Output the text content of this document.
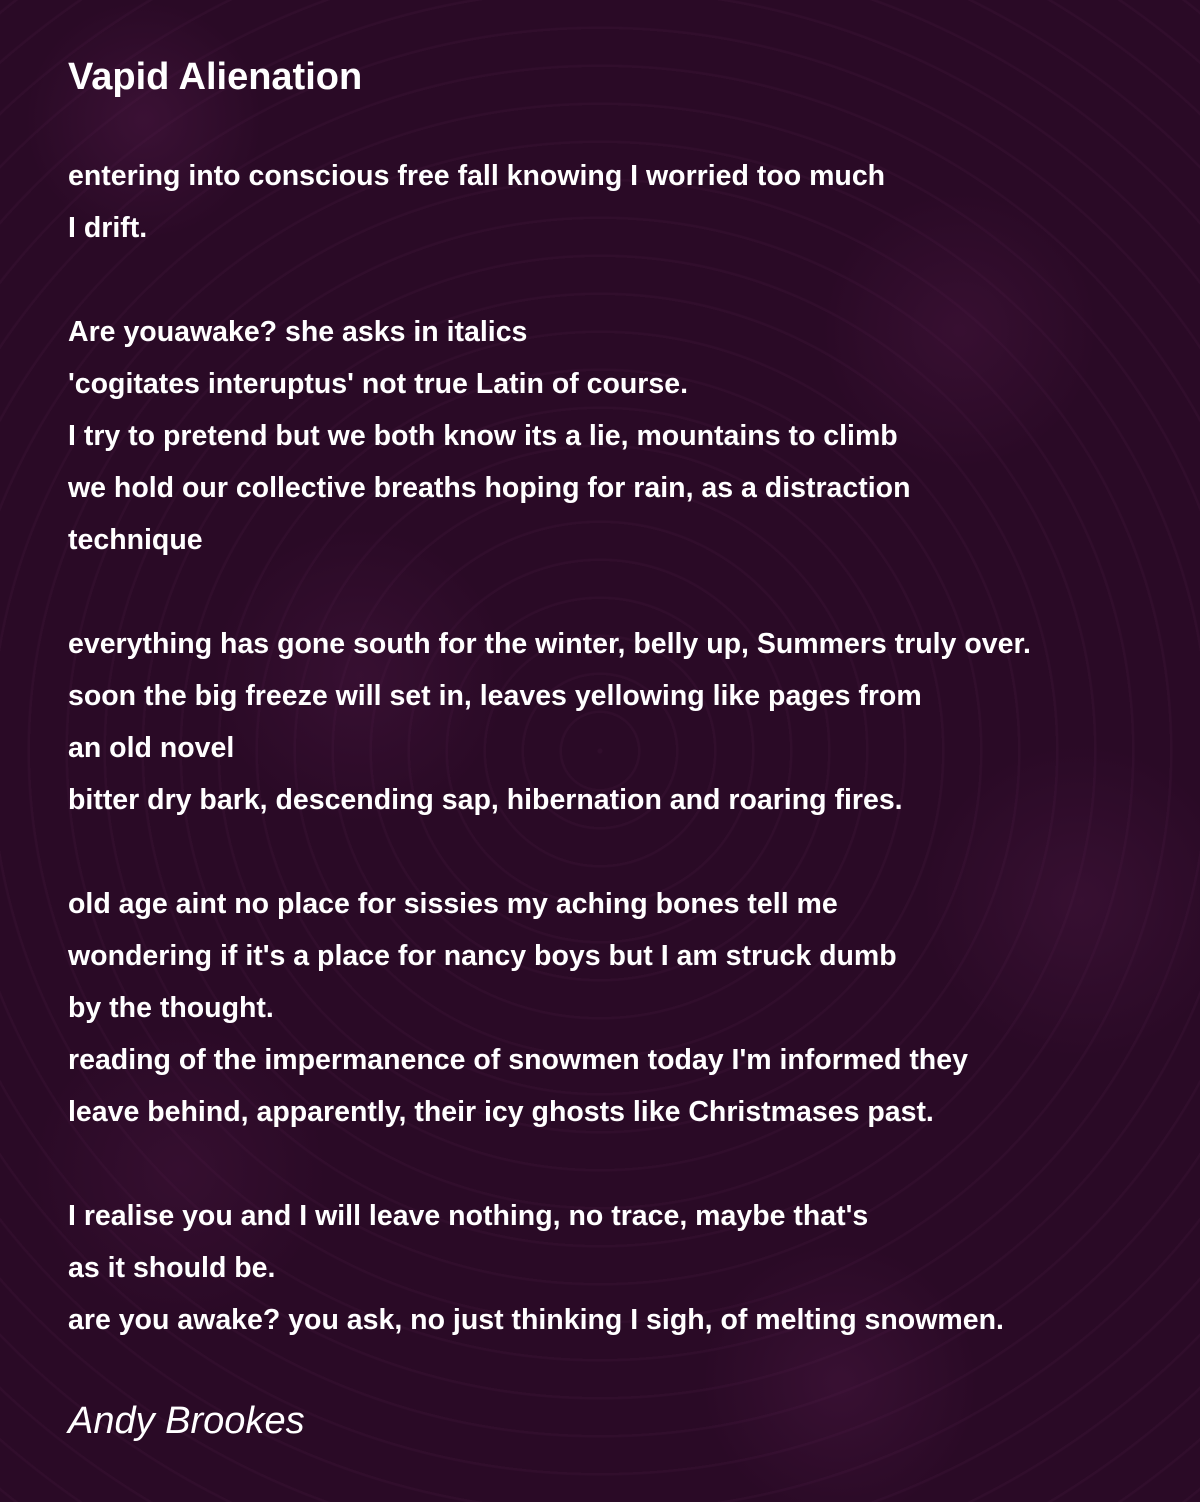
Vapid Alienation
entering into conscious free fall knowing I worried too much
I drift.
Are youawake? she asks in italics
'cogitates interuptus' not true Latin of course.
I try to pretend but we both know its a lie, mountains to climb
we hold our collective breaths hoping for rain, as a distraction
technique
everything has gone south for the winter, belly up, Summers truly over.
soon the big freeze will set in, leaves yellowing like pages from
an old novel
bitter dry bark, descending sap, hibernation and roaring fires.
old age aint no place for sissies my aching bones tell me
wondering if it's a place for nancy boys but I am struck dumb
by the thought.
reading of the impermanence of snowmen today I'm informed they
leave behind, apparently, their icy ghosts like Christmases past.
I realise you and I will leave nothing, no trace, maybe that's
as it should be.
are you awake? you ask, no just thinking I sigh, of melting snowmen.
Andy Brookes
